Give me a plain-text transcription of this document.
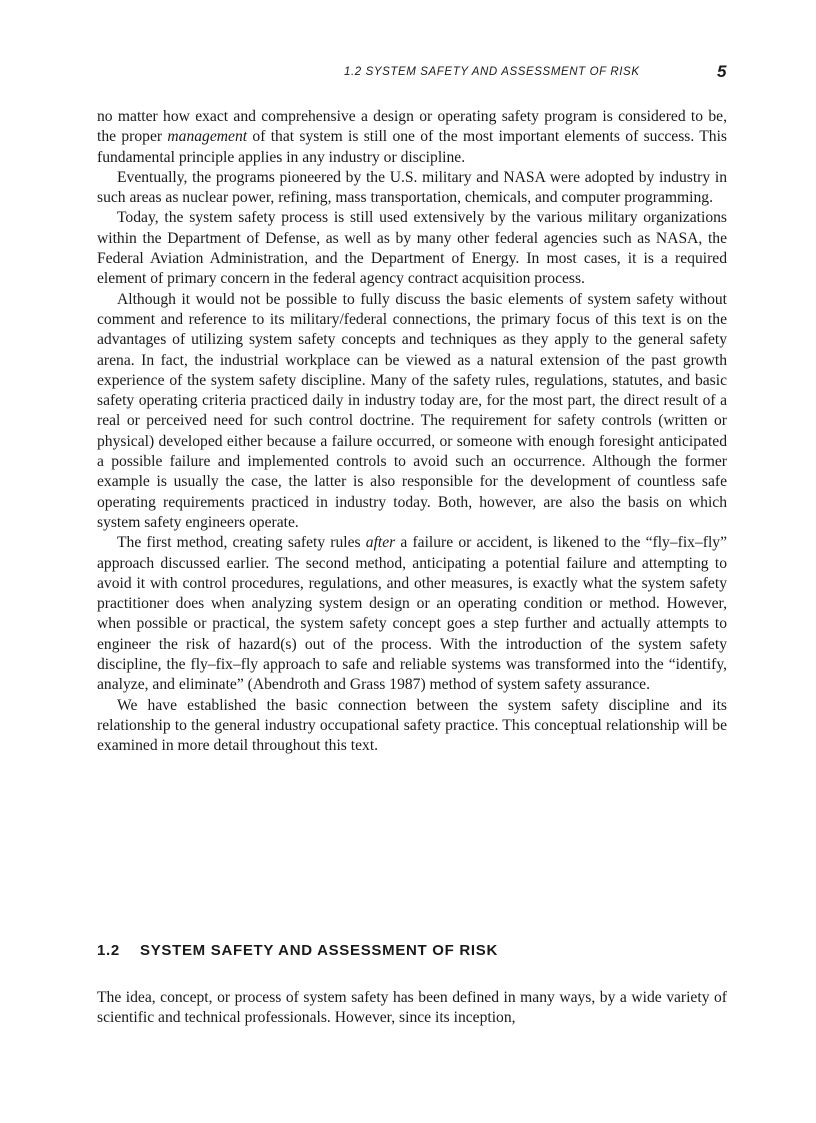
1.2 SYSTEM SAFETY AND ASSESSMENT OF RISK	5

no matter how exact and comprehensive a design or operating safety program is considered to be, the proper management of that system is still one of the most important elements of success. This fundamental principle applies in any industry or discipline.

Eventually, the programs pioneered by the U.S. military and NASA were adopted by industry in such areas as nuclear power, refining, mass transportation, chemicals, and computer programming.

Today, the system safety process is still used extensively by the various military organizations within the Department of Defense, as well as by many other federal agencies such as NASA, the Federal Aviation Administration, and the Department of Energy. In most cases, it is a required element of primary concern in the federal agency contract acquisition process.

Although it would not be possible to fully discuss the basic elements of system safety without comment and reference to its military/federal connections, the primary focus of this text is on the advantages of utilizing system safety concepts and techniques as they apply to the general safety arena. In fact, the industrial workplace can be viewed as a natural extension of the past growth experience of the system safety discipline. Many of the safety rules, regulations, statutes, and basic safety operating criteria practiced daily in industry today are, for the most part, the direct result of a real or perceived need for such control doctrine. The requirement for safety controls (written or physical) developed either because a failure occurred, or someone with enough foresight anticipated a possible failure and implemented controls to avoid such an occurrence. Although the former example is usually the case, the latter is also responsible for the development of countless safe operating requirements practiced in industry today. Both, however, are also the basis on which system safety engineers operate.

The first method, creating safety rules after a failure or accident, is likened to the “fly–fix–fly” approach discussed earlier. The second method, anticipating a potential failure and attempting to avoid it with control procedures, regulations, and other measures, is exactly what the system safety practitioner does when analyzing system design or an operating condition or method. However, when possible or practical, the system safety concept goes a step further and actually attempts to engineer the risk of hazard(s) out of the process. With the introduction of the system safety discipline, the fly–fix–fly approach to safe and reliable systems was transformed into the “identify, analyze, and eliminate” (Abendroth and Grass 1987) method of system safety assurance.

We have established the basic connection between the system safety discipline and its relationship to the general industry occupational safety practice. This conceptual relationship will be examined in more detail throughout this text.

1.2 SYSTEM SAFETY AND ASSESSMENT OF RISK

The idea, concept, or process of system safety has been defined in many ways, by a wide variety of scientific and technical professionals. However, since its inception,
